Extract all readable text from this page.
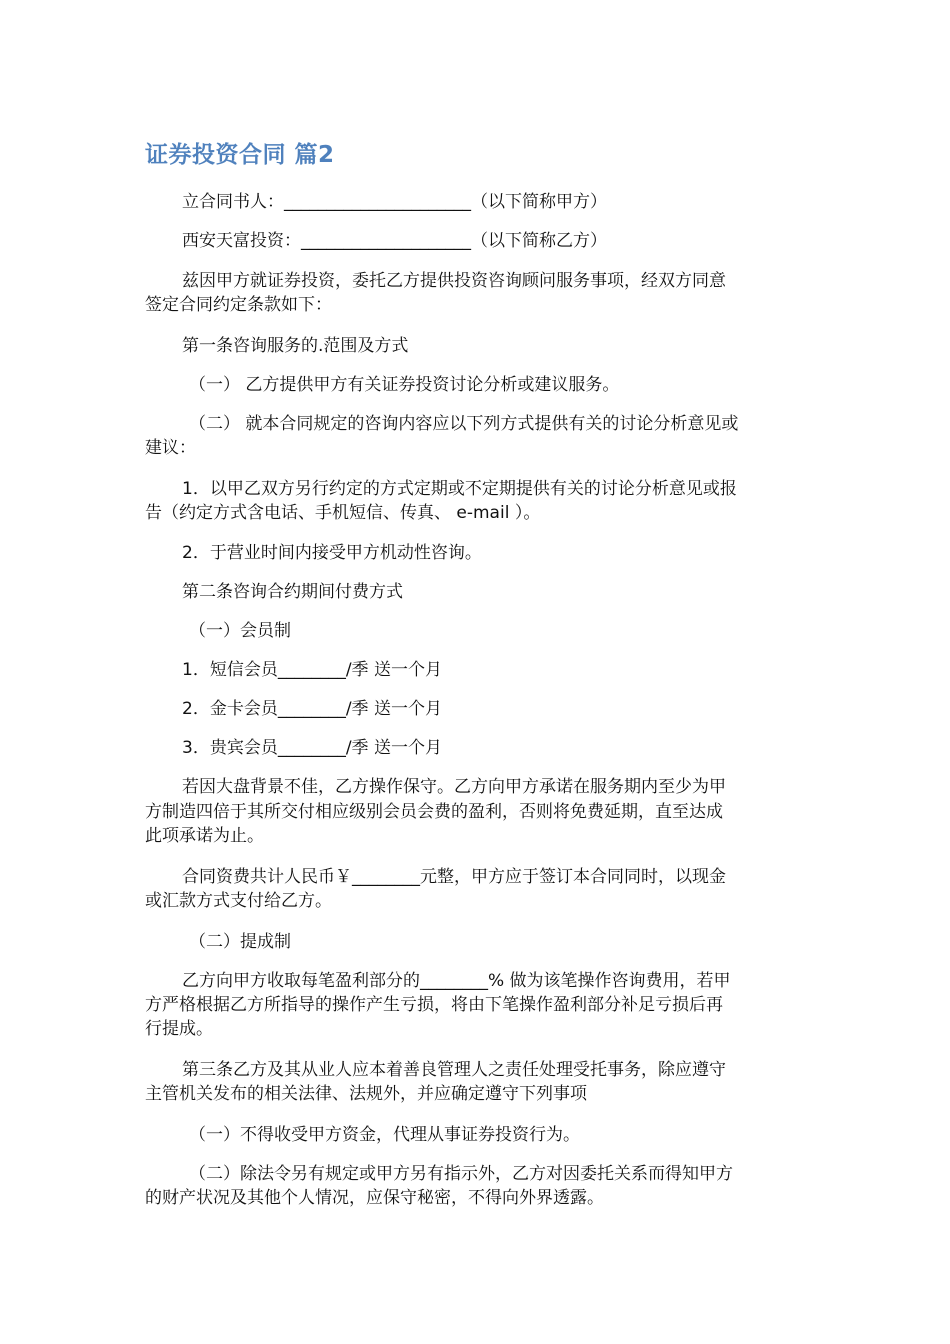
证券投资合同 篇2
立合同书人：______________________（以下简称甲方）
西安天富投资：____________________（以下简称乙方）
兹因甲方就证券投资，委托乙方提供投资咨询顾问服务事项，经双方同意
签定合同约定条款如下：
第一条咨询服务的.范围及方式
（一） 乙方提供甲方有关证券投资讨论分析或建议服务。
（二） 就本合同规定的咨询内容应以下列方式提供有关的讨论分析意见或
建议：
1．以甲乙双方另行约定的方式定期或不定期提供有关的讨论分析意见或报
告（约定方式含电话、手机短信、传真、 e-mail ）。
2．于营业时间内接受甲方机动性咨询。
第二条咨询合约期间付费方式
（一）会员制
1．短信会员________/季 送一个月
2．金卡会员________/季 送一个月
3．贵宾会员________/季 送一个月
若因大盘背景不佳，乙方操作保守。乙方向甲方承诺在服务期内至少为甲
方制造四倍于其所交付相应级别会员会费的盈利，否则将免费延期，直至达成
此项承诺为止。
合同资费共计人民币￥________元整，甲方应于签订本合同同时，以现金
或汇款方式支付给乙方。
（二）提成制
乙方向甲方收取每笔盈利部分的________% 做为该笔操作咨询费用，若甲
方严格根据乙方所指导的操作产生亏损，将由下笔操作盈利部分补足亏损后再
行提成。
第三条乙方及其从业人应本着善良管理人之责任处理受托事务，除应遵守
主管机关发布的相关法律、法规外，并应确定遵守下列事项
（一）不得收受甲方资金，代理从事证券投资行为。
（二）除法令另有规定或甲方另有指示外，乙方对因委托关系而得知甲方
的财产状况及其他个人情况，应保守秘密，不得向外界透露。
